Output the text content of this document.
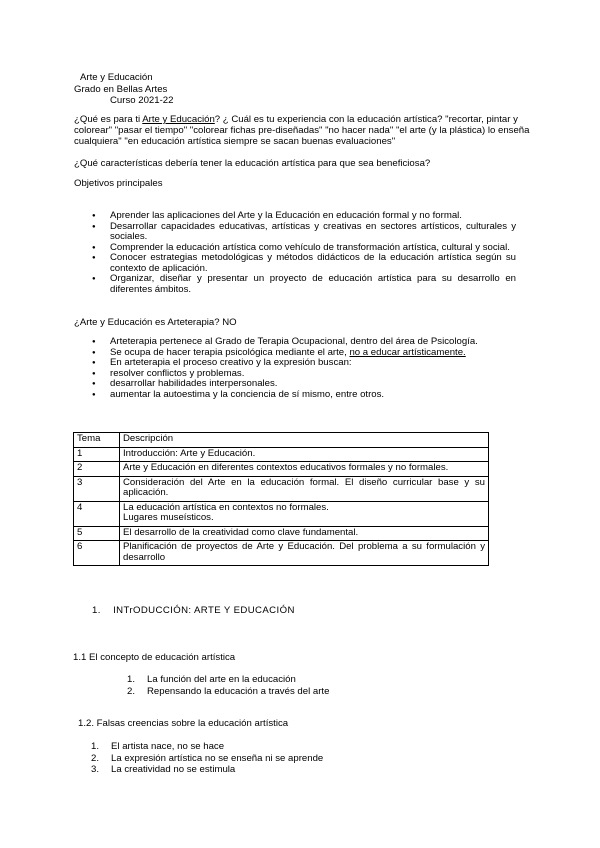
Arte y Educación
Grado en Bellas Artes
Curso 2021-22
¿Qué es para ti Arte y Educación? ¿ Cuál es tu experiencia con la educación artística? "recortar, pintar y colorear" "pasar el tiempo" "colorear fichas pre-diseñadas" "no hacer nada" "el arte (y la plástica) lo enseña cualquiera" "en educación artística siempre se sacan buenas evaluaciones"
¿Qué características debería tener la educación artística para que sea beneficiosa?
Objetivos principales
● Aprender las aplicaciones del Arte y la Educación en educación formal y no formal.
● Desarrollar capacidades educativas, artísticas y creativas en sectores artísticos, culturales y sociales.
● Comprender la educación artística como vehículo de transformación artística, cultural y social.
● Conocer estrategias metodológicas y métodos didácticos de la educación artística según su contexto de aplicación.
● Organizar, diseñar y presentar un proyecto de educación artística para su desarrollo en diferentes ámbitos.
¿Arte y Educación es Arteterapia? NO
● Arteterapia pertenece al Grado de Terapia Ocupacional, dentro del área de Psicología.
● Se ocupa de hacer terapia psicológica mediante el arte, no a educar artísticamente.
● En arteterapia el proceso creativo y la expresión buscan:
● resolver conflictos y problemas.
● desarrollar habilidades interpersonales.
● aumentar la autoestima y la conciencia de sí mismo, entre otros.
Tema	Descripción
1	Introducción: Arte y Educación.
2	Arte y Educación en diferentes contextos educativos formales y no formales.
3	Consideración del Arte en la educación formal. El diseño curricular base y su aplicación.
4	La educación artística en contextos no formales.
Lugares museísticos.

5	El desarrollo de la creatividad como clave fundamental.
6	Planificación de proyectos de Arte y Educación. Del problema a su formulación y desarrollo
1. INTrODUCCIÓN: ARTE Y EDUCACIÓN
1.1 El concepto de educación artística
1. La función del arte en la educación
2. Repensando la educación a través del arte
1.2. Falsas creencias sobre la educación artística
1. El artista nace, no se hace
2. La expresión artística no se enseña ni se aprende
3. La creatividad no se estimula
